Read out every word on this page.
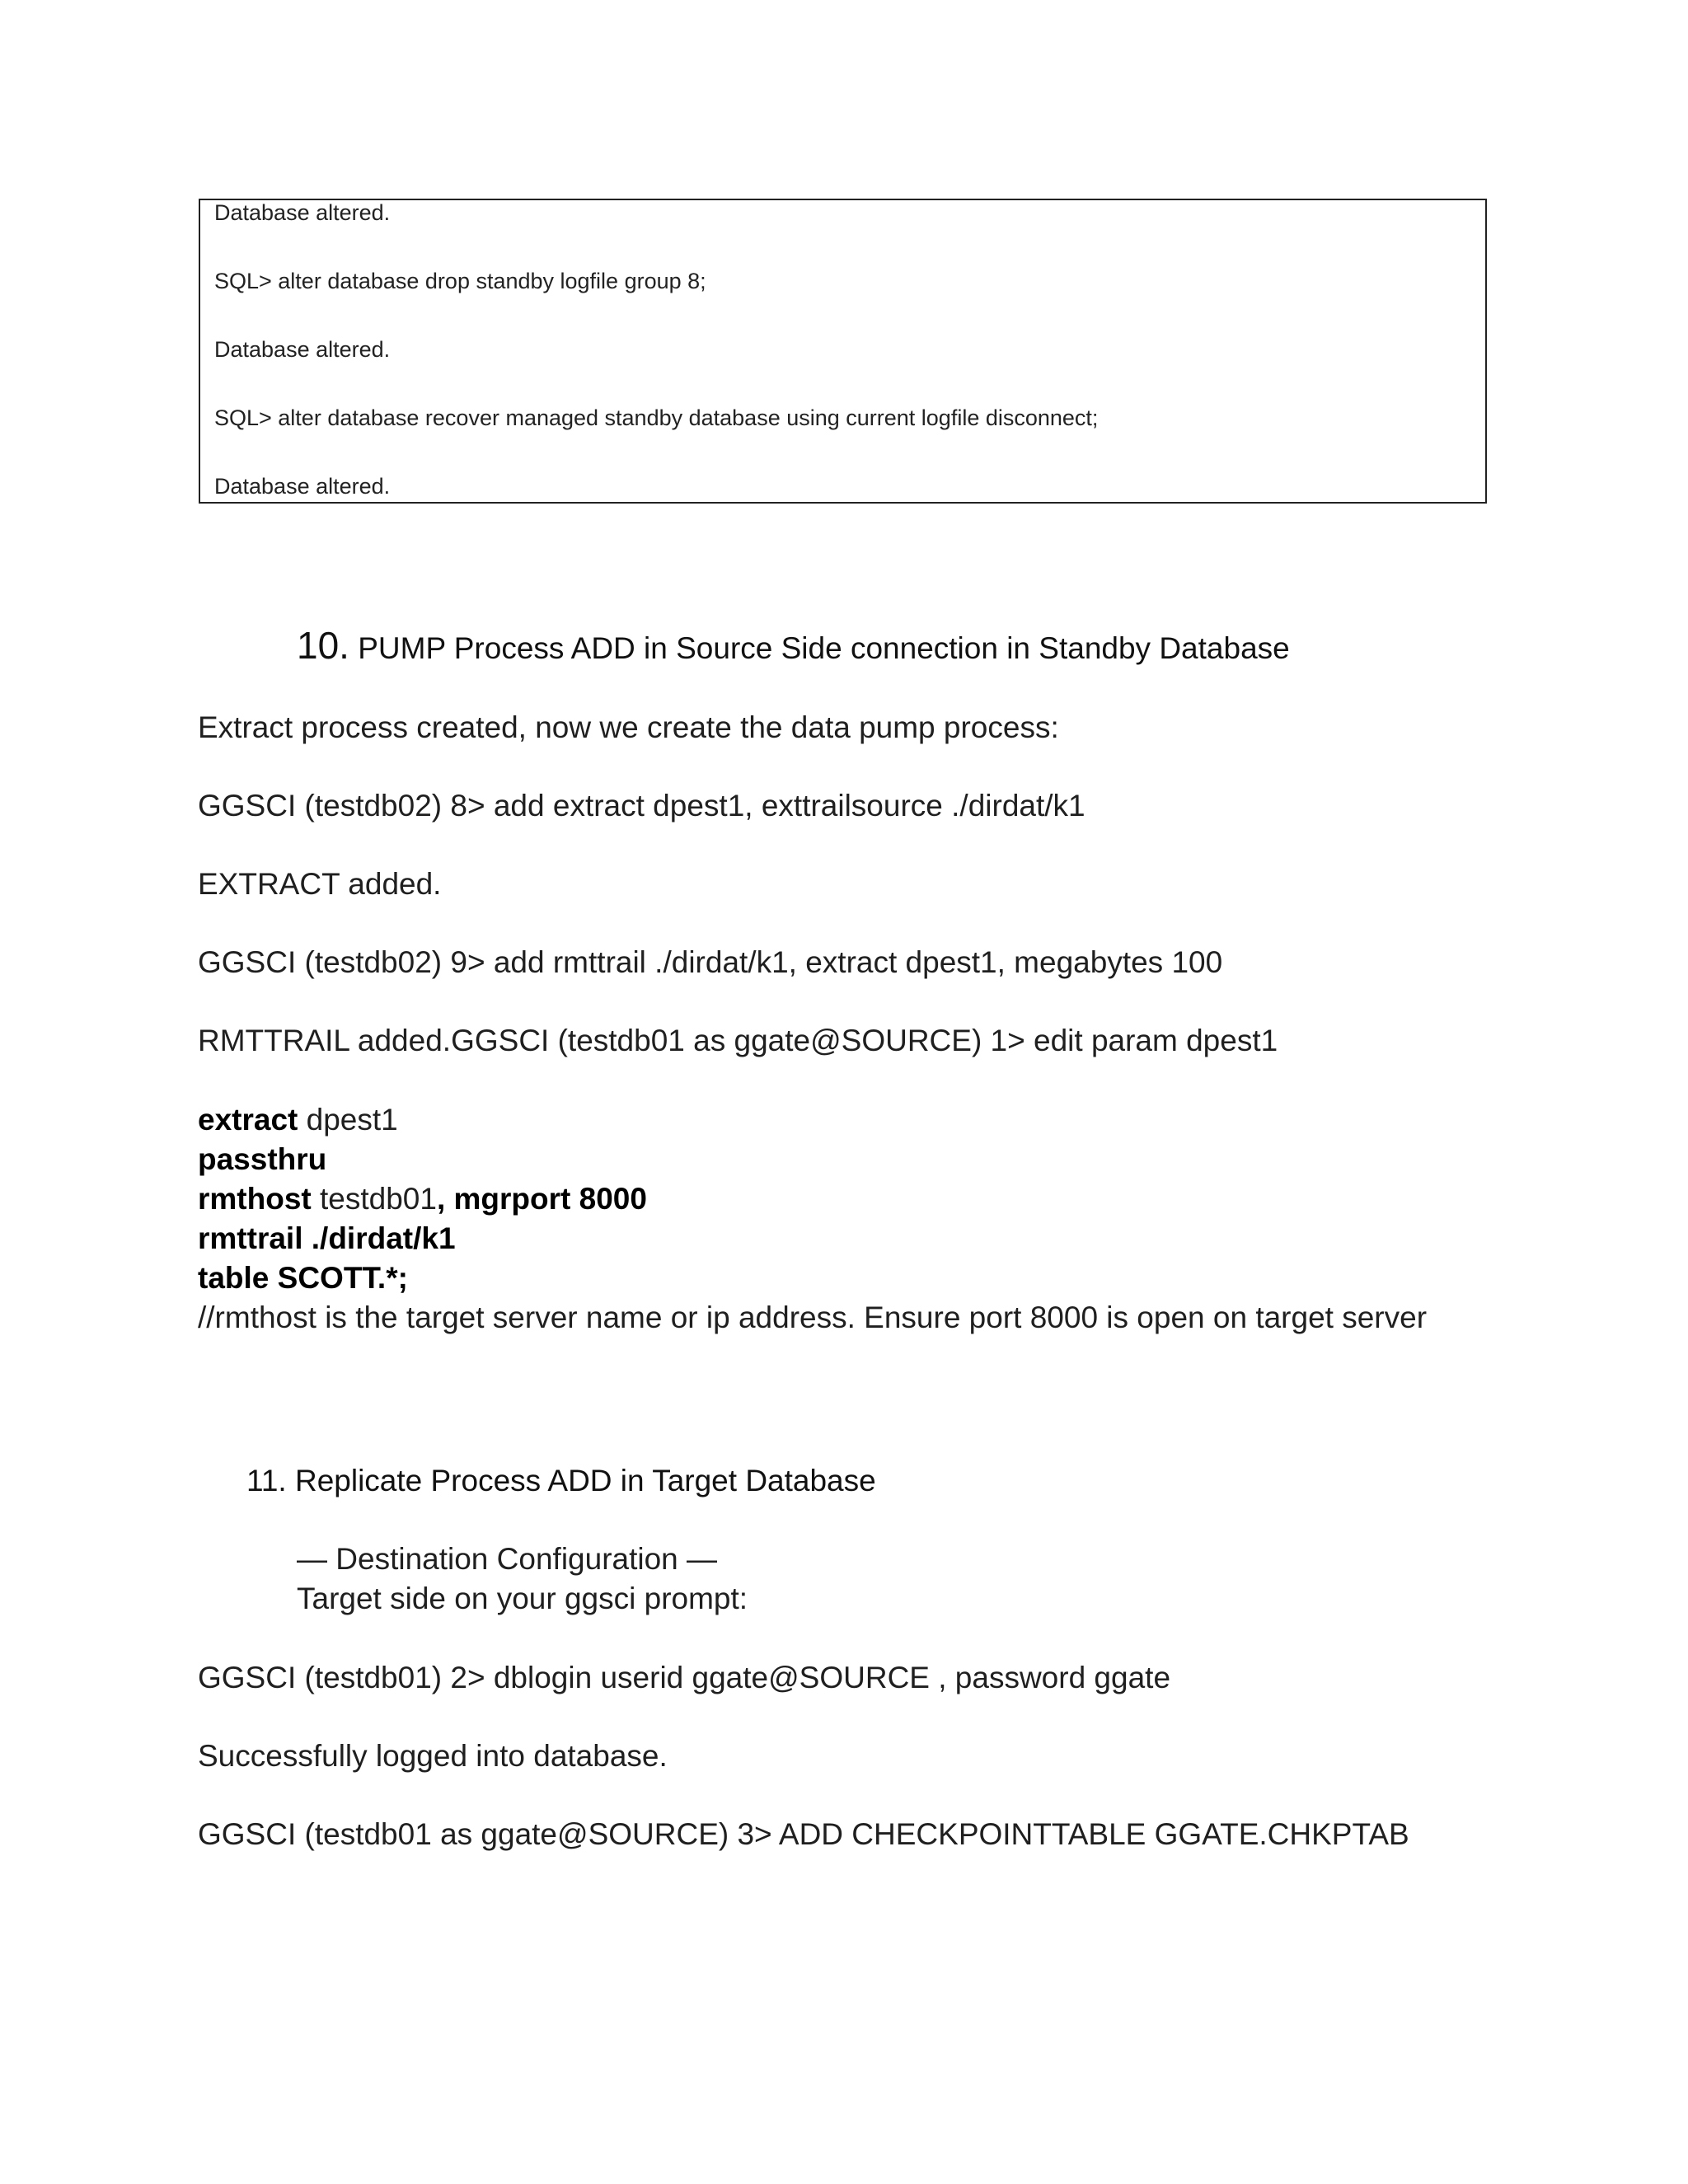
Database altered.
SQL> alter database drop standby logfile group 8;
Database altered.
SQL> alter database recover managed standby database using current logfile disconnect;
Database altered.
10. PUMP Process ADD in Source Side connection in Standby Database
Extract process created, now we create the data pump process:
GGSCI (testdb02) 8> add extract dpest1, exttrailsource ./dirdat/k1
EXTRACT added.
GGSCI (testdb02) 9> add rmttrail ./dirdat/k1, extract dpest1, megabytes 100
RMTTRAIL added.GGSCI (testdb01 as ggate@SOURCE) 1> edit param dpest1
extract dpest1
passthru
rmthost testdb01, mgrport 8000
rmttrail ./dirdat/k1
table SCOTT.*;
//rmthost is the target server name or ip address. Ensure port 8000 is open on target server
11. Replicate Process ADD in Target Database
— Destination Configuration —
Target side on your ggsci prompt:
GGSCI (testdb01) 2> dblogin userid ggate@SOURCE , password ggate
Successfully logged into database.
GGSCI (testdb01 as ggate@SOURCE) 3> ADD CHECKPOINTTABLE GGATE.CHKPTAB
